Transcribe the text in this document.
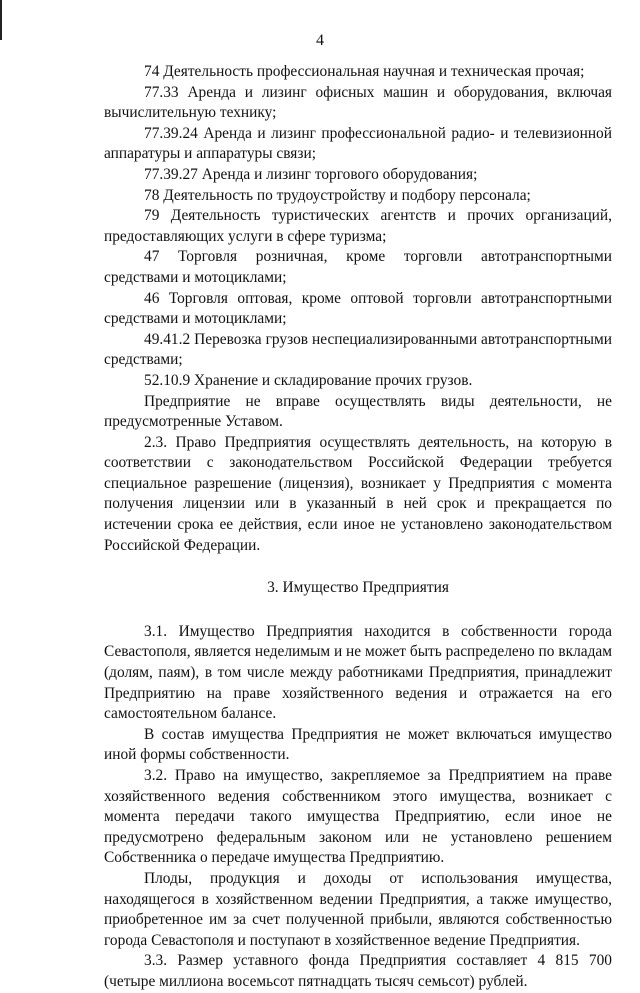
4

74 Деятельность профессиональная научная и техническая прочая;

77.33 Аренда и лизинг офисных машин и оборудования, включая вычислительную технику;

77.39.24 Аренда и лизинг профессиональной радио- и телевизионной аппаратуры и аппаратуры связи;

77.39.27 Аренда и лизинг торгового оборудования;

78 Деятельность по трудоустройству и подбору персонала;

79 Деятельность туристических агентств и прочих организаций, предоставляющих услуги в сфере туризма;

47 Торговля розничная, кроме торговли автотранспортными средствами и мотоциклами;

46 Торговля оптовая, кроме оптовой торговли автотранспортными средствами и мотоциклами;

49.41.2 Перевозка грузов неспециализированными автотранспортными средствами;

52.10.9 Хранение и складирование прочих грузов.

Предприятие не вправе осуществлять виды деятельности, не предусмотренные Уставом.

2.3. Право Предприятия осуществлять деятельность, на которую в соответствии с законодательством Российской Федерации требуется специальное разрешение (лицензия), возникает у Предприятия с момента получения лицензии или в указанный в ней срок и прекращается по истечении срока ее действия, если иное не установлено законодательством Российской Федерации.

3. Имущество Предприятия

3.1. Имущество Предприятия находится в собственности города Севастополя, является неделимым и не может быть распределено по вкладам (долям, паям), в том числе между работниками Предприятия, принадлежит Предприятию на праве хозяйственного ведения и отражается на его самостоятельном балансе.

В состав имущества Предприятия не может включаться имущество иной формы собственности.

3.2. Право на имущество, закрепляемое за Предприятием на праве хозяйственного ведения собственником этого имущества, возникает с момента передачи такого имущества Предприятию, если иное не предусмотрено федеральным законом или не установлено решением Собственника о передаче имущества Предприятию.

Плоды, продукция и доходы от использования имущества, находящегося в хозяйственном ведении Предприятия, а также имущество, приобретенное им за счет полученной прибыли, являются собственностью города Севастополя и поступают в хозяйственное ведение Предприятия.

3.3. Размер уставного фонда Предприятия составляет 4 815 700 (четыре миллиона восемьсот пятнадцать тысяч семьсот) рублей.
